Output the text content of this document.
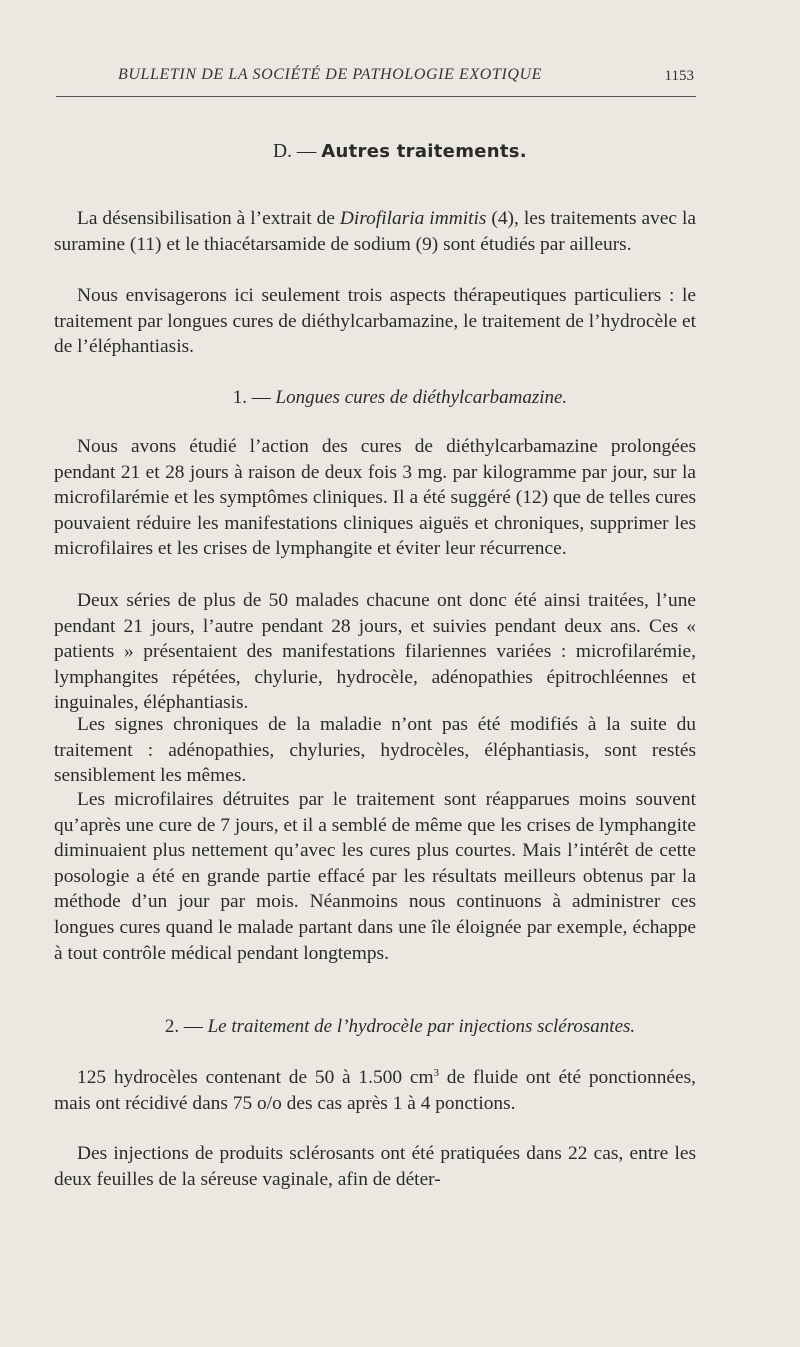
BULLETIN DE LA SOCIÉTÉ DE PATHOLOGIE EXOTIQUE	1153
D. — Autres traitements.

La désensibilisation à l’extrait de Dirofilaria immitis (4), les traitements avec la suramine (11) et le thiacétarsamide de sodium (9) sont étudiés par ailleurs.

Nous envisagerons ici seulement trois aspects thérapeutiques particuliers : le traitement par longues cures de diéthylcarbamazine, le traitement de l’hydrocèle et de l’éléphantiasis.

1. — Longues cures de diéthylcarbamazine.

Nous avons étudié l’action des cures de diéthylcarbamazine prolongées pendant 21 et 28 jours à raison de deux fois 3 mg. par kilogramme par jour, sur la microfilarémie et les symptômes cliniques. Il a été suggéré (12) que de telles cures pouvaient réduire les manifestations cliniques aiguës et chroniques, supprimer les microfilaires et les crises de lymphangite et éviter leur récurrence.

Deux séries de plus de 50 malades chacune ont donc été ainsi traitées, l’une pendant 21 jours, l’autre pendant 28 jours, et suivies pendant deux ans. Ces « patients » présentaient des manifestations filariennes variées : microfilarémie, lymphangites répétées, chylurie, hydrocèle, adénopathies épitrochléennes et inguinales, éléphantiasis.

Les signes chroniques de la maladie n’ont pas été modifiés à la suite du traitement : adénopathies, chyluries, hydrocèles, éléphantiasis, sont restés sensiblement les mêmes.

Les microfilaires détruites par le traitement sont réapparues moins souvent qu’après une cure de 7 jours, et il a semblé de même que les crises de lymphangite diminuaient plus nettement qu’avec les cures plus courtes. Mais l’intérêt de cette posologie a été en grande partie effacé par les résultats meilleurs obtenus par la méthode d’un jour par mois. Néanmoins nous continuons à administrer ces longues cures quand le malade partant dans une île éloignée par exemple, échappe à tout contrôle médical pendant longtemps.

2. — Le traitement de l’hydrocèle par injections sclérosantes.

125 hydrocèles contenant de 50 à 1.500 $cm^3$ de fluide ont été ponctionnées, mais ont récidivé dans 75 o/o des cas après 1 à 4 ponctions.

Des injections de produits sclérosants ont été pratiquées dans 22 cas, entre les deux feuilles de la séreuse vaginale, afin de déter-
